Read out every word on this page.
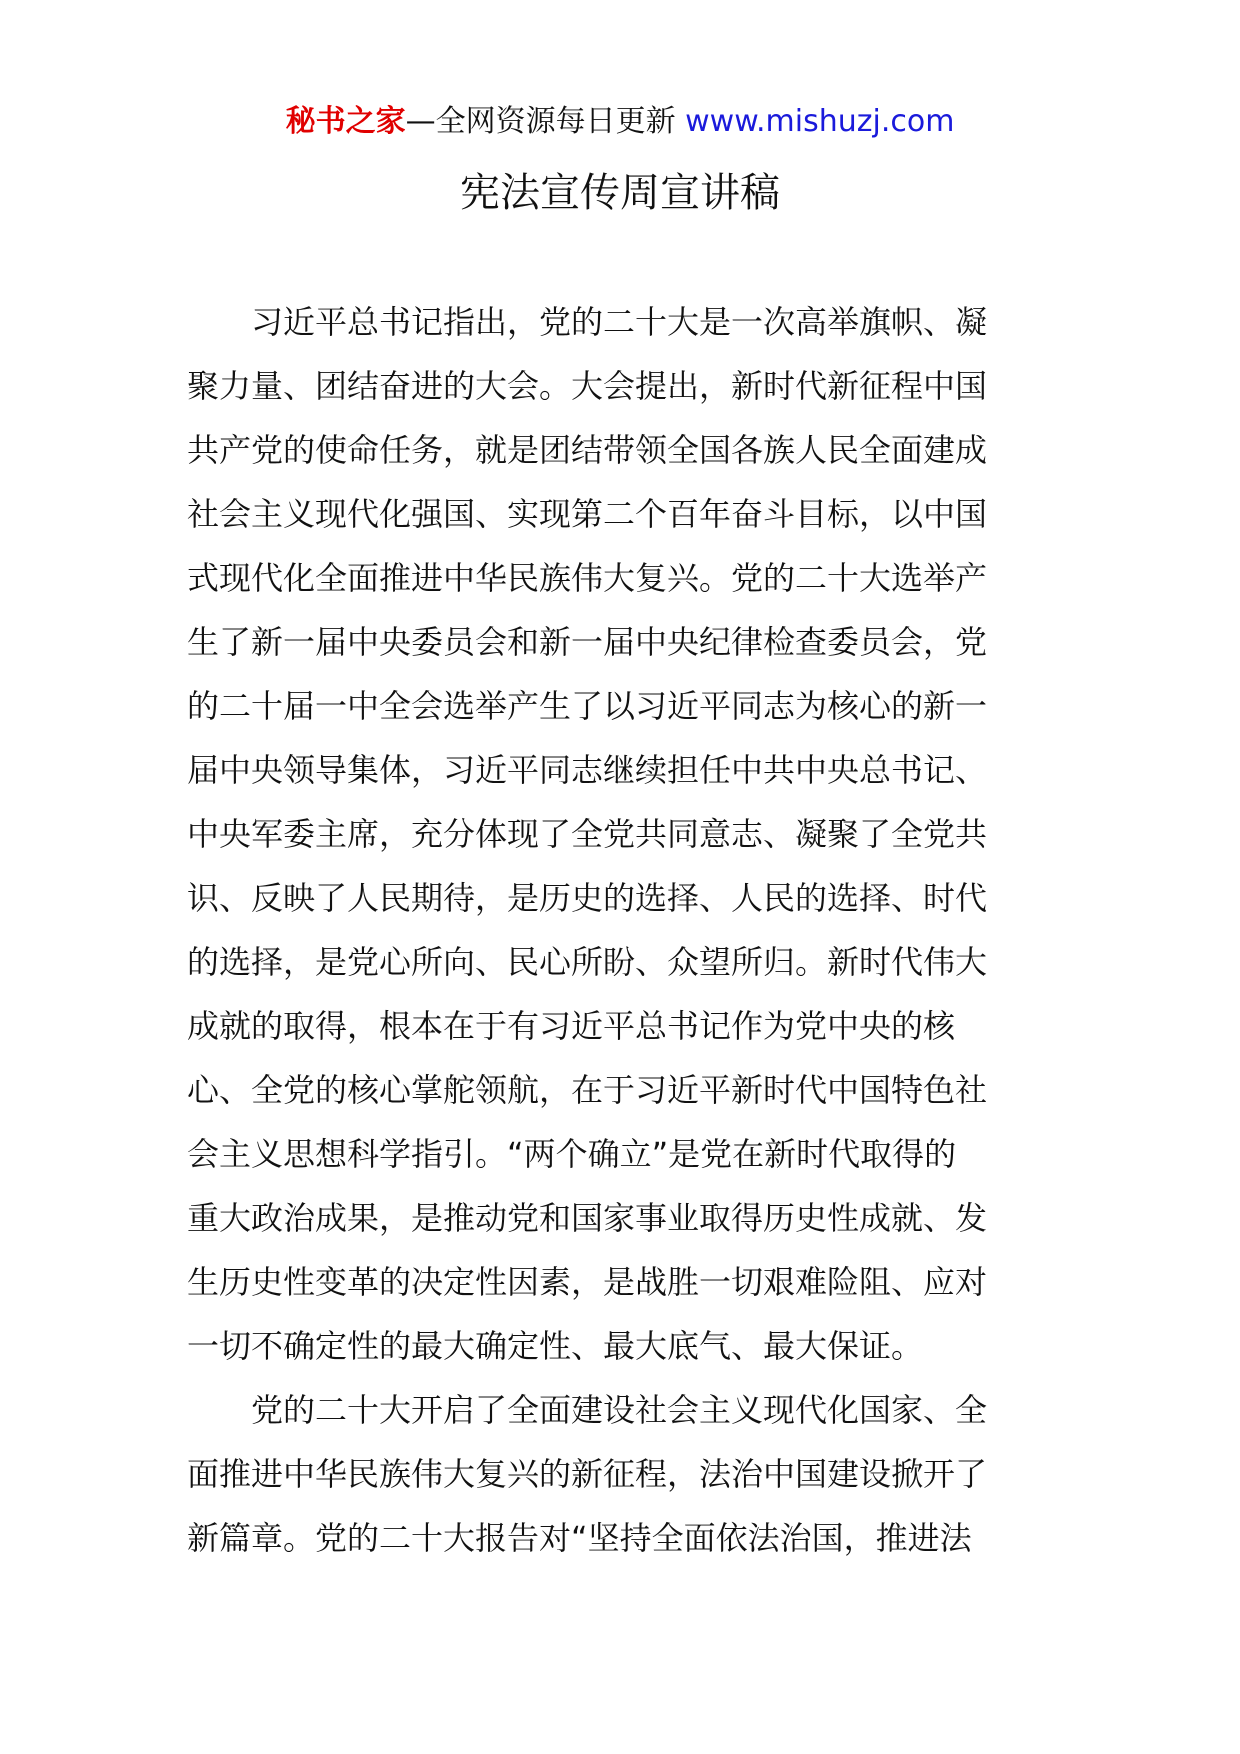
秘书之家—全网资源每日更新 www.mishuzj.com
宪法宣传周宣讲稿
习近平总书记指出，党的二十大是一次高举旗帜、凝
聚力量、团结奋进的大会。大会提出，新时代新征程中国
共产党的使命任务，就是团结带领全国各族人民全面建成
社会主义现代化强国、实现第二个百年奋斗目标，以中国
式现代化全面推进中华民族伟大复兴。党的二十大选举产
生了新一届中央委员会和新一届中央纪律检查委员会，党
的二十届一中全会选举产生了以习近平同志为核心的新一
届中央领导集体，习近平同志继续担任中共中央总书记、
中央军委主席，充分体现了全党共同意志、凝聚了全党共
识、反映了人民期待，是历史的选择、人民的选择、时代
的选择，是党心所向、民心所盼、众望所归。新时代伟大
成就的取得，根本在于有习近平总书记作为党中央的核
心、全党的核心掌舵领航，在于习近平新时代中国特色社
会主义思想科学指引。“两个确立”是党在新时代取得的
重大政治成果，是推动党和国家事业取得历史性成就、发
生历史性变革的决定性因素，是战胜一切艰难险阻、应对
一切不确定性的最大确定性、最大底气、最大保证。
党的二十大开启了全面建设社会主义现代化国家、全
面推进中华民族伟大复兴的新征程，法治中国建设掀开了
新篇章。党的二十大报告对“坚持全面依法治国，推进法
